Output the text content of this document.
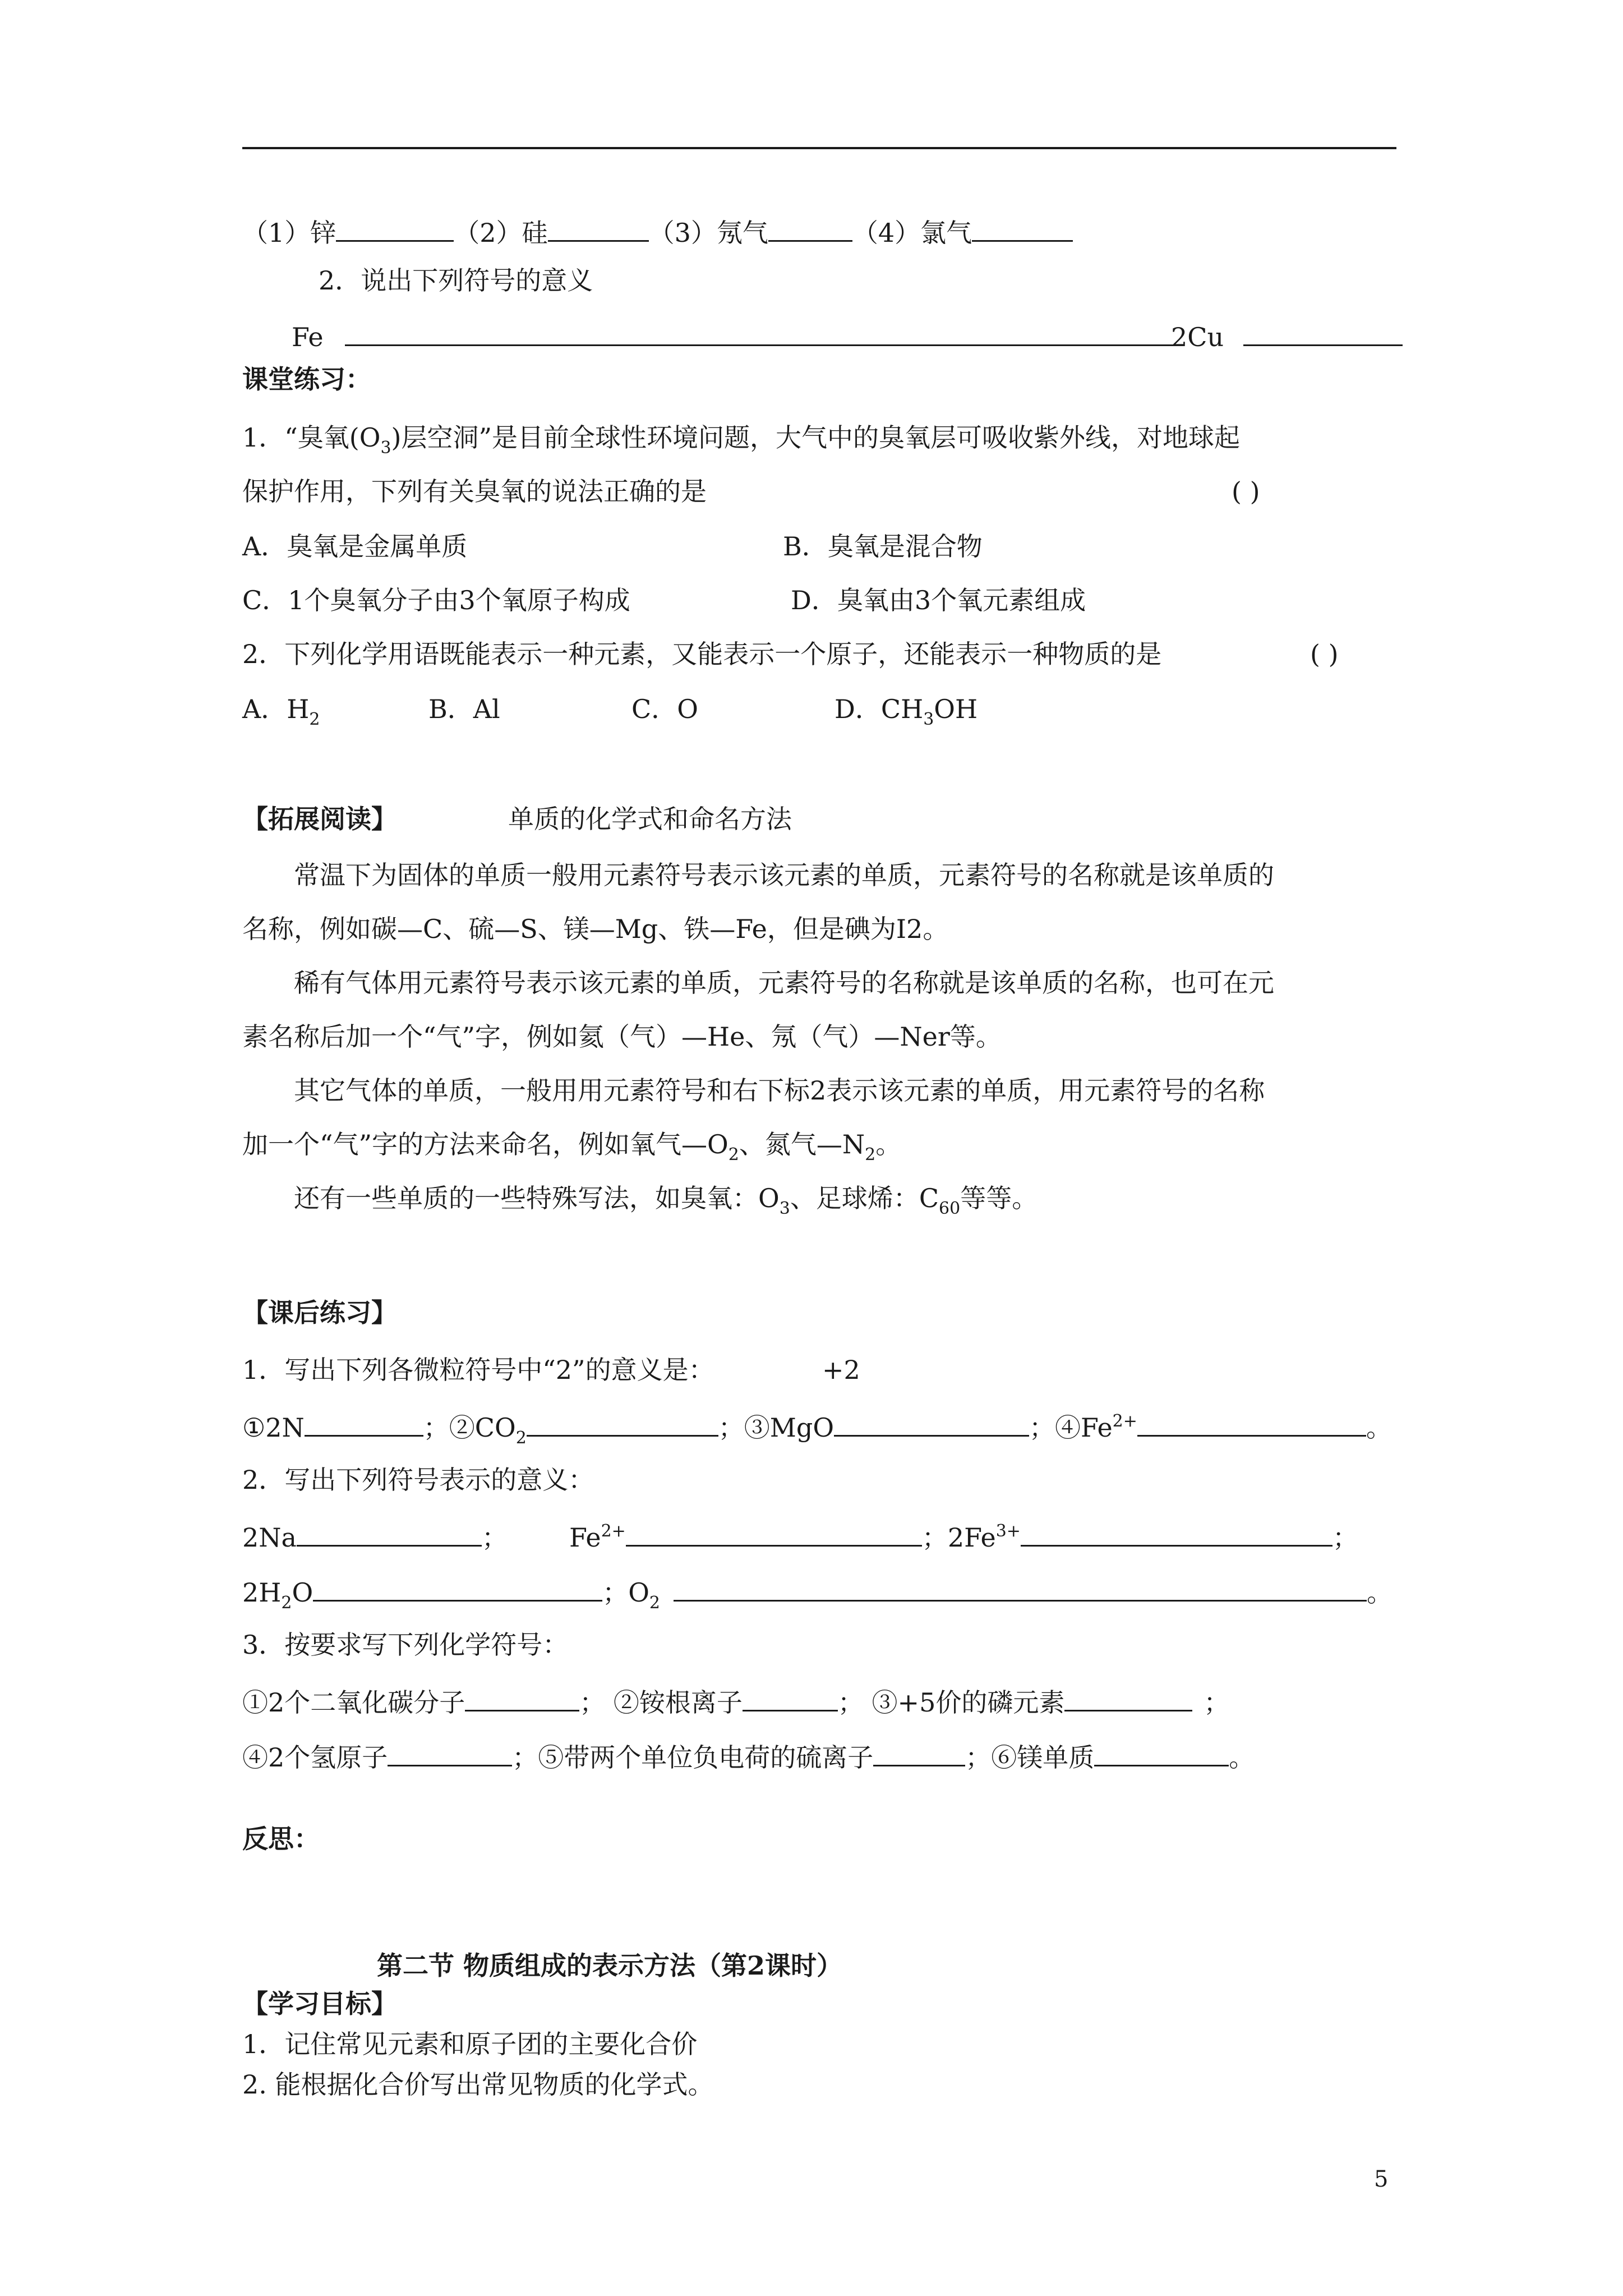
（1）锌	（2）硅	（3）氖气	（4）氯气
2．说出下列符号的意义
Fe	2Cu
课堂练习：
1．“臭氧$(O_3)$层空洞”是目前全球性环境问题，大气中的臭氧层可吸收紫外线，对地球起
保护作用，下列有关臭氧的说法正确的是	( )
A．臭氧是金属单质	B．臭氧是混合物
C．1个臭氧分子由3个氧原子构成	D．臭氧由3个氧元素组成
2．下列化学用语既能表示一种元素，又能表示一个原子，还能表示一种物质的是	( )
A．$H_2$	B．Al	C．O	D．$CH_3OH$
【拓展阅读】	单质的化学式和命名方法
常温下为固体的单质一般用元素符号表示该元素的单质，元素符号的名称就是该单质的
名称，例如碳—C、硫—S、镁—Mg、铁—Fe，但是碘为I2。
稀有气体用元素符号表示该元素的单质，元素符号的名称就是该单质的名称，也可在元
素名称后加一个“气”字，例如氦（气）—He、氖（气）—Ner等。
其它气体的单质，一般用用元素符号和右下标2表示该元素的单质，用元素符号的名称
加一个“气”字的方法来命名，例如氧气$—O_2$、氮气$—N_2$。
还有一些单质的一些特殊写法，如臭氧：$O_3$、足球烯：$C_{60}$等等。
【课后练习】
1．写出下列各微粒符号中“2”的意义是：	+2
①2N	；$②CO_2$	；③MgO	；$④Fe^{2+}$	。
2．写出下列符号表示的意义：
2Na	； $Fe^{2+}$	；$2Fe^{3+}$	；
$2H_2O$	；$O_2$	。
3．按要求写下列化学符号：
①2个二氧化碳分子	； ②铵根离子	； ③+5价的磷元素	；
④2个氢原子	；⑤带两个单位负电荷的硫离子	；⑥镁单质	。
反思：
第二节 物质组成的表示方法（第2课时）
【学习目标】
1．记住常见元素和原子团的主要化合价
2. 能根据化合价写出常见物质的化学式。
5
